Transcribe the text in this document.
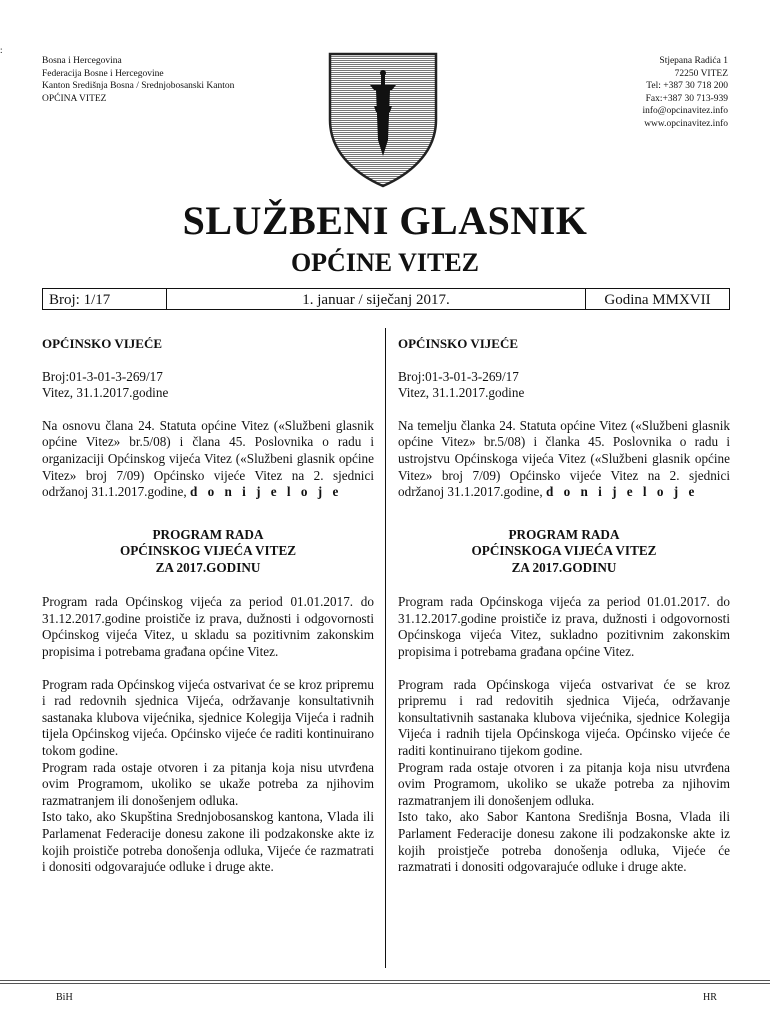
:
Bosna i Hercegovina
Federacija Bosne i Hercegovine
Kanton Središnja Bosna / Srednjobosanski Kanton
OPĆINA VITEZ
Stjepana Radića 1
72250 VITEZ
Tel: +387 30 718 200
Fax:+387 30 713-939
info@opcinavitez.info
www.opcinavitez.info
SLUŽBENI GLASNIK
OPĆINE VITEZ
Broj: 1/17	1. januar / siječanj 2017.	Godina MMXVII
OPĆINSKO VIJEĆE
Broj:01-3-01-3-269/17
Vitez, 31.1.2017.godine
Na osnovu člana 24. Statuta općine Vitez («Službeni glasnik općine Vitez» br.5/08) i člana 45. Poslovnika o radu i organizaciji Općinskog vijeća Vitez («Službeni glasnik općine Vitez» broj 7/09) Općinsko vijeće Vitez na 2. sjednici održanoj 31.1.2017.godine, d o n i j e l o j e
PROGRAM RADA
OPĆINSKOG VIJEĆA VITEZ
ZA 2017.GODINU
Program rada Općinskog vijeća za period 01.01.2017. do 31.12.2017.godine proističe iz prava, dužnosti i odgovornosti Općinskog vijeća Vitez, u skladu sa pozitivnim zakonskim propisima i potrebama građana općine Vitez.
Program rada Općinskog vijeća ostvarivat će se kroz pripremu i rad redovnih sjednica Vijeća, održavanje konsultativnih sastanaka klubova vijećnika, sjednice Kolegija Vijeća i radnih tijela Općinskog vijeća. Općinsko vijeće će raditi kontinuirano tokom godine.
Program rada ostaje otvoren i za pitanja koja nisu utvrđena ovim Programom, ukoliko se ukaže potreba za njihovim razmatranjem ili donošenjem odluka.
Isto tako, ako Skupština Srednjobosanskog kantona, Vlada ili Parlamenat Federacije donesu zakone ili podzakonske akte iz kojih proističe potreba donošenja odluka, Vijeće će razmatrati i donositi odgovarajuće odluke i druge akte.
OPĆINSKO VIJEĆE
Broj:01-3-01-3-269/17
Vitez, 31.1.2017.godine
Na temelju članka 24. Statuta općine Vitez («Službeni glasnik općine Vitez» br.5/08) i članka 45. Poslovnika o radu i ustrojstvu Općinskoga vijeća Vitez («Službeni glasnik općine Vitez» broj 7/09) Općinsko vijeće Vitez na 2. sjednici održanoj 31.1.2017.godine, d o n i j e l o j e
PROGRAM RADA
OPĆINSKOGA VIJEĆA VITEZ
ZA 2017.GODINU
Program rada Općinskoga vijeća za period 01.01.2017. do 31.12.2017.godine proističe iz prava, dužnosti i odgovornosti Općinskoga vijeća Vitez, sukladno pozitivnim zakonskim propisima i potrebama građana općine Vitez.
Program rada Općinskoga vijeća ostvarivat će se kroz pripremu i rad redovitih sjednica Vijeća, održavanje konsultativnih sastanaka klubova vijećnika, sjednice Kolegija Vijeća i radnih tijela Općinskoga vijeća. Općinsko vijeće će raditi kontinuirano tijekom godine.
Program rada ostaje otvoren i za pitanja koja nisu utvrđena ovim Programom, ukoliko se ukaže potreba za njihovim razmatranjem ili donošenjem odluka.
Isto tako, ako Sabor Kantona Središnja Bosna, Vlada ili Parlament Federacije donesu zakone ili podzakonske akte iz kojih proistječe potreba donošenja odluka, Vijeće će razmatrati i donositi odgovarajuće odluke i druge akte.
BiH	HR
